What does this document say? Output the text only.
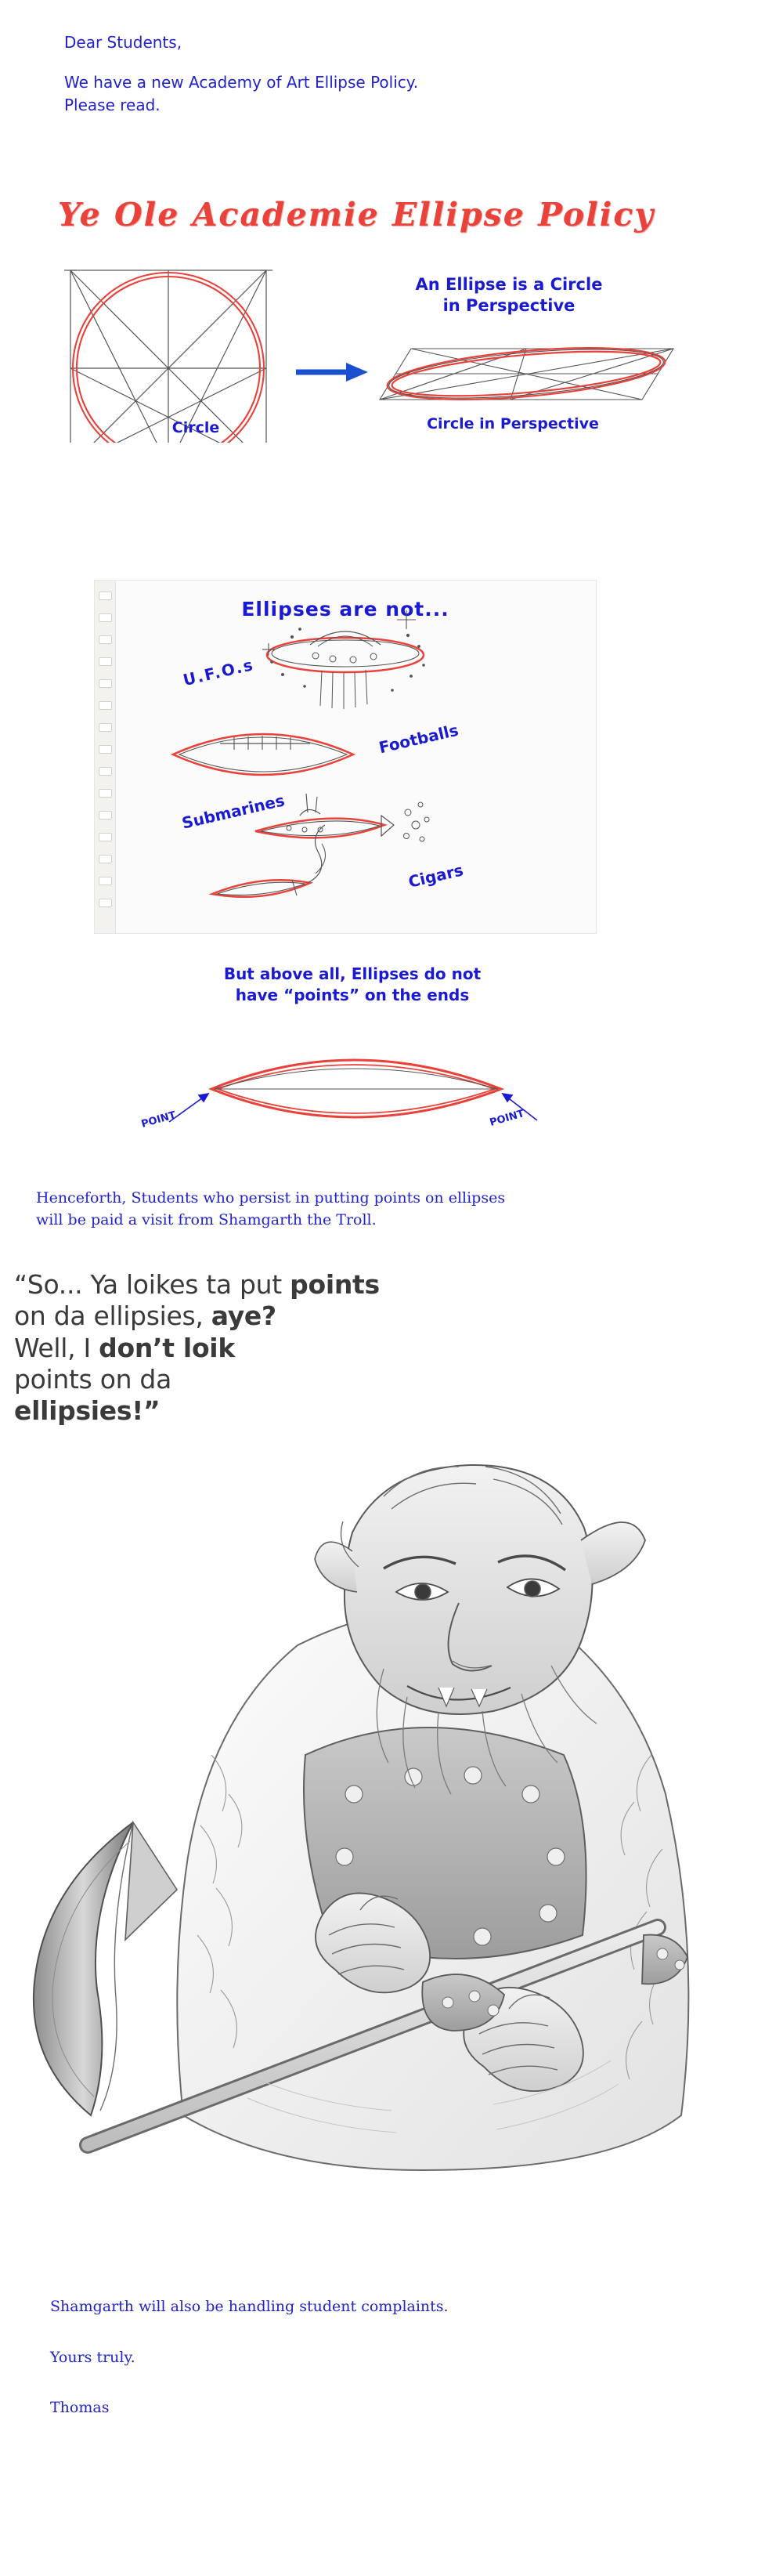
Dear Students,
We have a new Academy of Art Ellipse Policy.
Please read.
Ye Ole Academie Ellipse Policy
An Ellipse is a Circle
in Perspective
Circle	Circle in Perspective
Ellipses are not...
U.F.O.s
Footballs
Submarines
Cigars
But above all, Ellipses do not
have “points” on the ends
POINT	POINT
Henceforth, Students who persist in putting points on ellipses
will be paid a visit from Shamgarth the Troll.
“So... Ya loikes ta put points
on da ellipsies, aye?
Well, I don’t loik
points on da
ellipsies!”
Shamgarth will also be handling student complaints.
Yours truly.
Thomas
